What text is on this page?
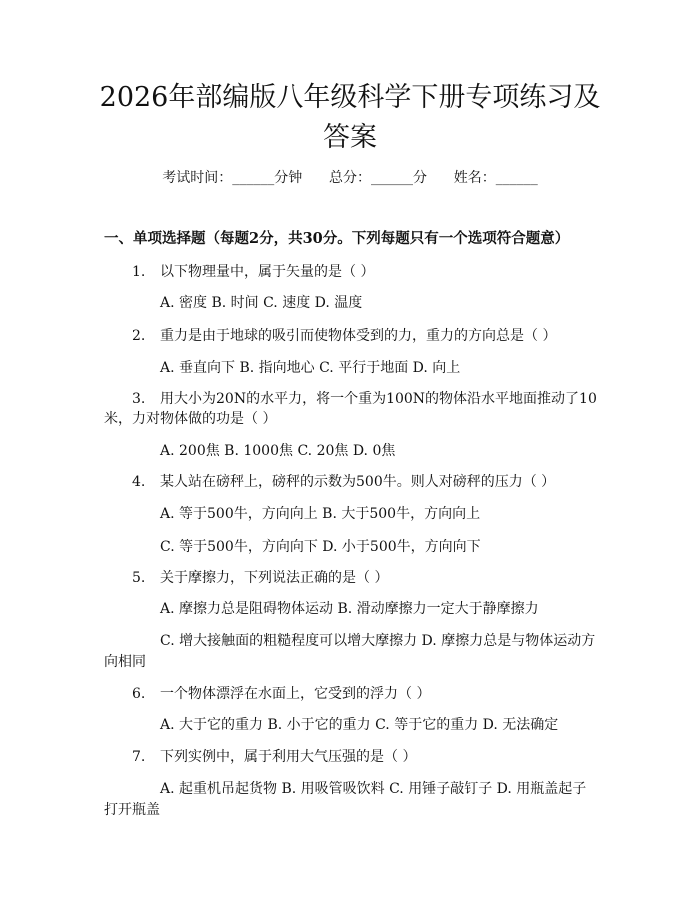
2026年部编版八年级科学下册专项练习及答案
考试时间：______分钟      总分：______分      姓名：______
一、单项选择题（每题2分，共30分。下列每题只有一个选项符合题意）
1. 以下物理量中，属于矢量的是（ ）
A. 密度 B. 时间 C. 速度 D. 温度
2. 重力是由于地球的吸引而使物体受到的力，重力的方向总是（ ）
A. 垂直向下 B. 指向地心 C. 平行于地面 D. 向上
3. 用大小为20N的水平力，将一个重为100N的物体沿水平地面推动了10
米，力对物体做的功是（ ）
A. 200焦 B. 1000焦 C. 20焦 D. 0焦
4. 某人站在磅秤上，磅秤的示数为500牛。则人对磅秤的压力（ ）
A. 等于500牛，方向向上 B. 大于500牛，方向向上
C. 等于500牛，方向向下 D. 小于500牛，方向向下
5. 关于摩擦力，下列说法正确的是（ ）
A. 摩擦力总是阻碍物体运动 B. 滑动摩擦力一定大于静摩擦力
C. 增大接触面的粗糙程度可以增大摩擦力 D. 摩擦力总是与物体运动方
向相同
6. 一个物体漂浮在水面上，它受到的浮力（ ）
A. 大于它的重力 B. 小于它的重力 C. 等于它的重力 D. 无法确定
7. 下列实例中，属于利用大气压强的是（ ）
A. 起重机吊起货物 B. 用吸管吸饮料 C. 用锤子敲钉子 D. 用瓶盖起子
打开瓶盖
